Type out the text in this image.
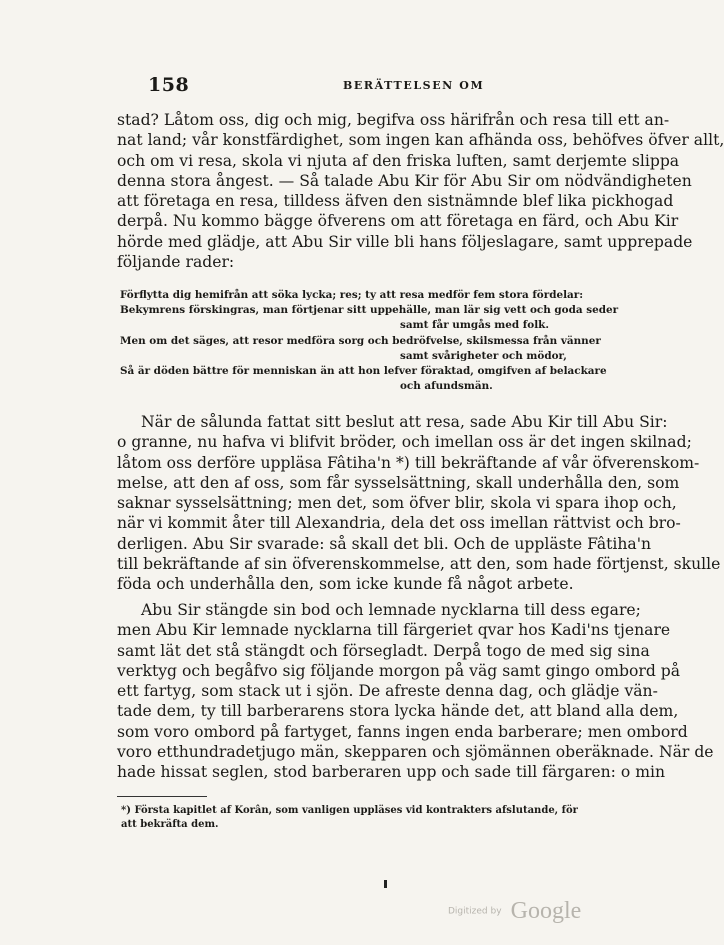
158	BERÄTTELSEN OM
stad? Låtom oss, dig och mig, begifva oss härifrån och resa till ett an-
nat land; vår konstfärdighet, som ingen kan afhända oss, behöfves öfver allt,
och om vi resa, skola vi njuta af den friska luften, samt derjemte slippa
denna stora ångest. — Så talade Abu Kir för Abu Sir om nödvändigheten
att företaga en resa, tilldess äfven den sistnämnde blef lika pickhogad
derpå. Nu kommo bägge öfverens om att företaga en färd, och Abu Kir
hörde med glädje, att Abu Sir ville bli hans följeslagare, samt upprepade
följande rader:
Förflytta dig hemifrån att söka lycka; res; ty att resa medför fem stora fördelar:
Bekymrens förskingras, man förtjenar sitt uppehälle, man lär sig vett och goda seder
samt får umgås med folk.
Men om det säges, att resor medföra sorg och bedröfvelse, skilsmessa från vänner
samt svårigheter och mödor,
Så är döden bättre för menniskan än att hon lefver föraktad, omgifven af belackare
och afundsmän.
När de sålunda fattat sitt beslut att resa, sade Abu Kir till Abu Sir:
o granne, nu hafva vi blifvit bröder, och imellan oss är det ingen skilnad;
låtom oss derföre uppläsa Fâtiha'n *) till bekräftande af vår öfverenskom-
melse, att den af oss, som får sysselsättning, skall underhålla den, som
saknar sysselsättning; men det, som öfver blir, skola vi spara ihop och,
när vi kommit åter till Alexandria, dela det oss imellan rättvist och bro-
derligen. Abu Sir svarade: så skall det bli. Och de uppläste Fâtiha'n
till bekräftande af sin öfverenskommelse, att den, som hade förtjenst, skulle
föda och underhålla den, som icke kunde få något arbete.
Abu Sir stängde sin bod och lemnade nycklarna till dess egare;
men Abu Kir lemnade nycklarna till färgeriet qvar hos Kadi'ns tjenare
samt lät det stå stängdt och försegladt. Derpå togo de med sig sina
verktyg och begåfvo sig följande morgon på väg samt gingo ombord på
ett fartyg, som stack ut i sjön. De afreste denna dag, och glädje vän-
tade dem, ty till barberarens stora lycka hände det, att bland alla dem,
som voro ombord på fartyget, fanns ingen enda barberare; men ombord
voro etthundradetjugo män, skepparen och sjömännen oberäknade. När de
hade hissat seglen, stod barberaren upp och sade till färgaren: o min
*) Första kapitlet af Korân, som vanligen uppläses vid kontrakters afslutande, för
att bekräfta dem.
Digitized by Google
